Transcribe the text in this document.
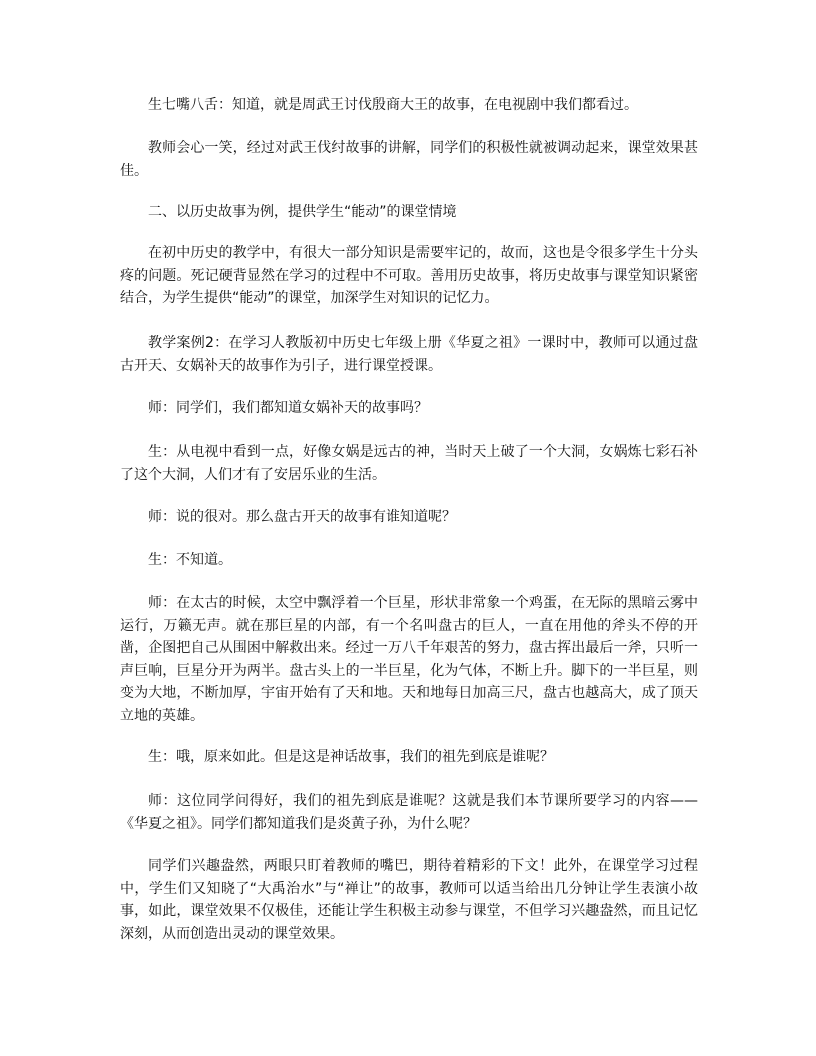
生七嘴八舌：知道，就是周武王讨伐殷商大王的故事，在电视剧中我们都看过。

教师会心一笑，经过对武王伐纣故事的讲解，同学们的积极性就被调动起来，课堂效果甚佳。

二、以历史故事为例，提供学生“能动”的课堂情境

在初中历史的教学中，有很大一部分知识是需要牢记的，故而，这也是令很多学生十分头疼的问题。死记硬背显然在学习的过程中不可取。善用历史故事，将历史故事与课堂知识紧密结合，为学生提供“能动”的课堂，加深学生对知识的记忆力。

教学案例2：在学习人教版初中历史七年级上册《华夏之祖》一课时中，教师可以通过盘古开天、女娲补天的故事作为引子，进行课堂授课。

师：同学们，我们都知道女娲补天的故事吗？

生：从电视中看到一点，好像女娲是远古的神，当时天上破了一个大洞，女娲炼七彩石补了这个大洞，人们才有了安居乐业的生活。

师：说的很对。那么盘古开天的故事有谁知道呢？

生：不知道。

师：在太古的时候，太空中飘浮着一个巨星，形状非常象一个鸡蛋，在无际的黑暗云雾中运行，万籁无声。就在那巨星的内部，有一个名叫盘古的巨人，一直在用他的斧头不停的开凿，企图把自己从围困中解救出来。经过一万八千年艰苦的努力，盘古挥出最后一斧，只听一声巨响，巨星分开为两半。盘古头上的一半巨星，化为气体，不断上升。脚下的一半巨星，则变为大地，不断加厚，宇宙开始有了天和地。天和地每日加高三尺，盘古也越高大，成了顶天立地的英雄。

生：哦，原来如此。但是这是神话故事，我们的祖先到底是谁呢？

师：这位同学问得好，我们的祖先到底是谁呢？这就是我们本节课所要学习的内容——《华夏之祖》。同学们都知道我们是炎黄子孙，为什么呢？

同学们兴趣盎然，两眼只盯着教师的嘴巴，期待着精彩的下文！此外，在课堂学习过程中，学生们又知晓了“大禹治水”与“禅让”的故事，教师可以适当给出几分钟让学生表演小故事，如此，课堂效果不仅极佳，还能让学生积极主动参与课堂，不但学习兴趣盎然，而且记忆深刻，从而创造出灵动的课堂效果。
